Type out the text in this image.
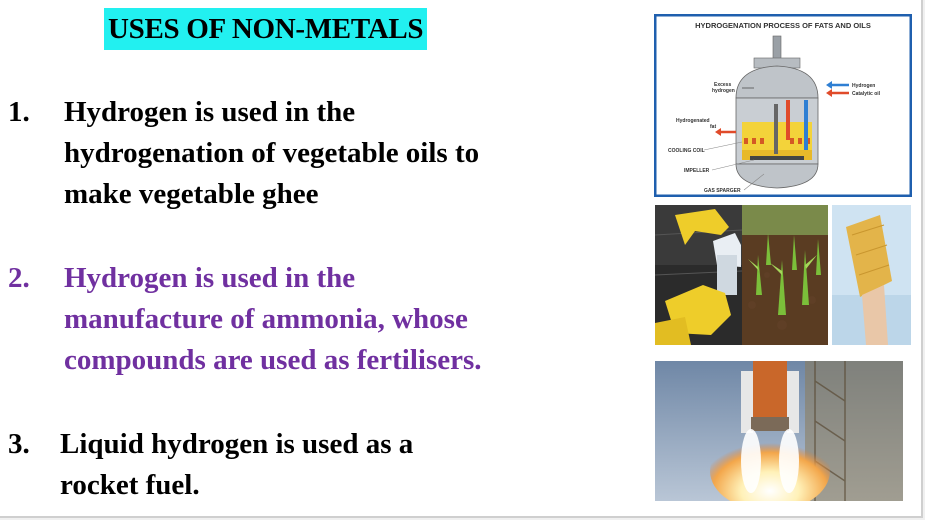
USES OF NON-METALS
1. Hydrogen is used in the
hydrogenation of vegetable oils to
make vegetable ghee
2. Hydrogen is used in the
manufacture of ammonia, whose
compounds are used as fertilisers.
3. Liquid hydrogen is used as a
rocket fuel.
HYDROGENATION PROCESS OF FATS AND OILS
Hydrogen
Catalytic oil
Excess
hydrogen
Hydrogenated
fat
COOLING COIL
IMPELLER
GAS SPARGER
